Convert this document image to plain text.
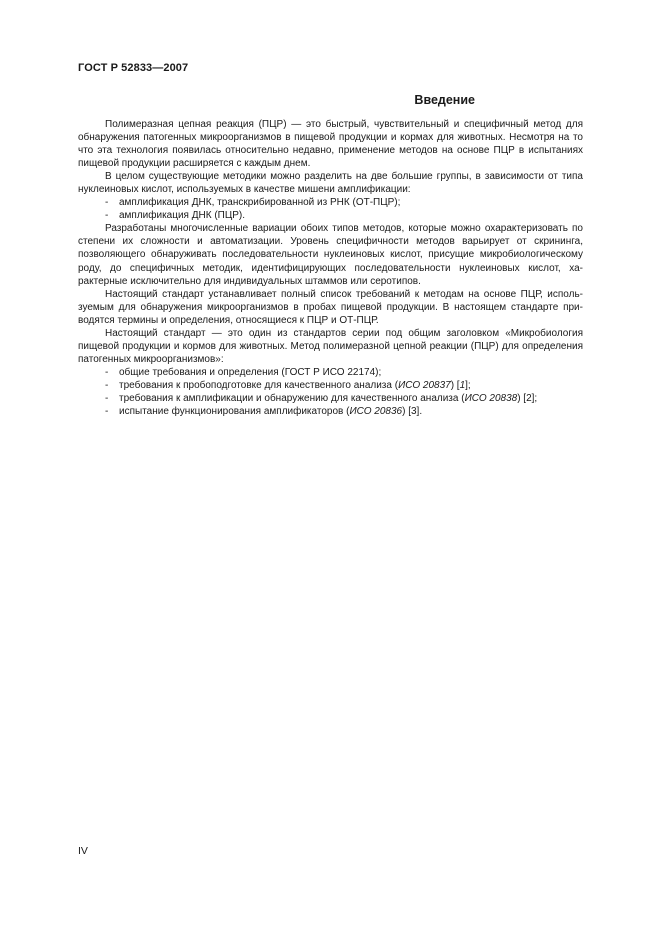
ГОСТ Р 52833—2007
Введение

Полимеразная цепная реакция (ПЦР) — это быстрый, чувствительный и специфичный метод для обнаружения патогенных микроорганизмов в пищевой продукции и кормах для животных. Несмотря на то что эта технология появилась относительно недавно, применение методов на основе ПЦР в испытаниях пищевой продукции расширяется с каждым днем.

В целом существующие методики можно разделить на две большие группы, в зависимости от типа нуклеиновых кислот, используемых в качестве мишени амплификации:

- амплификация ДНК, транскрибированной из РНК (ОТ-ПЦР);

- амплификация ДНК (ПЦР).

Разработаны многочисленные вариации обоих типов методов, которые можно охарактеризовать по степени их сложности и автоматизации. Уровень специфичности методов варьирует от скрининга, позволяющего обнаруживать последовательности нуклеиновых кислот, присущие микробиологическому роду, до специфичных методик, идентифицирующих последовательности нуклеиновых кислот, характерные исключительно для индивидуальных штаммов или серотипов.

Настоящий стандарт устанавливает полный список требований к методам на основе ПЦР, используемым для обнаружения микроорганизмов в пробах пищевой продукции. В настоящем стандарте приводятся термины и определения, относящиеся к ПЦР и ОТ-ПЦР.

Настоящий стандарт — это один из стандартов серии под общим заголовком «Микробиология пищевой продукции и кормов для животных. Метод полимеразной цепной реакции (ПЦР) для определения патогенных микроорганизмов»:

- общие требования и определения (ГОСТ Р ИСО 22174);

- требования к пробоподготовке для качественного анализа (ИСО 20837) [1];

- требования к амплификации и обнаружению для качественного анализа (ИСО 20838) [2];

- испытание функционирования амплификаторов (ИСО 20836) [3].

IV
